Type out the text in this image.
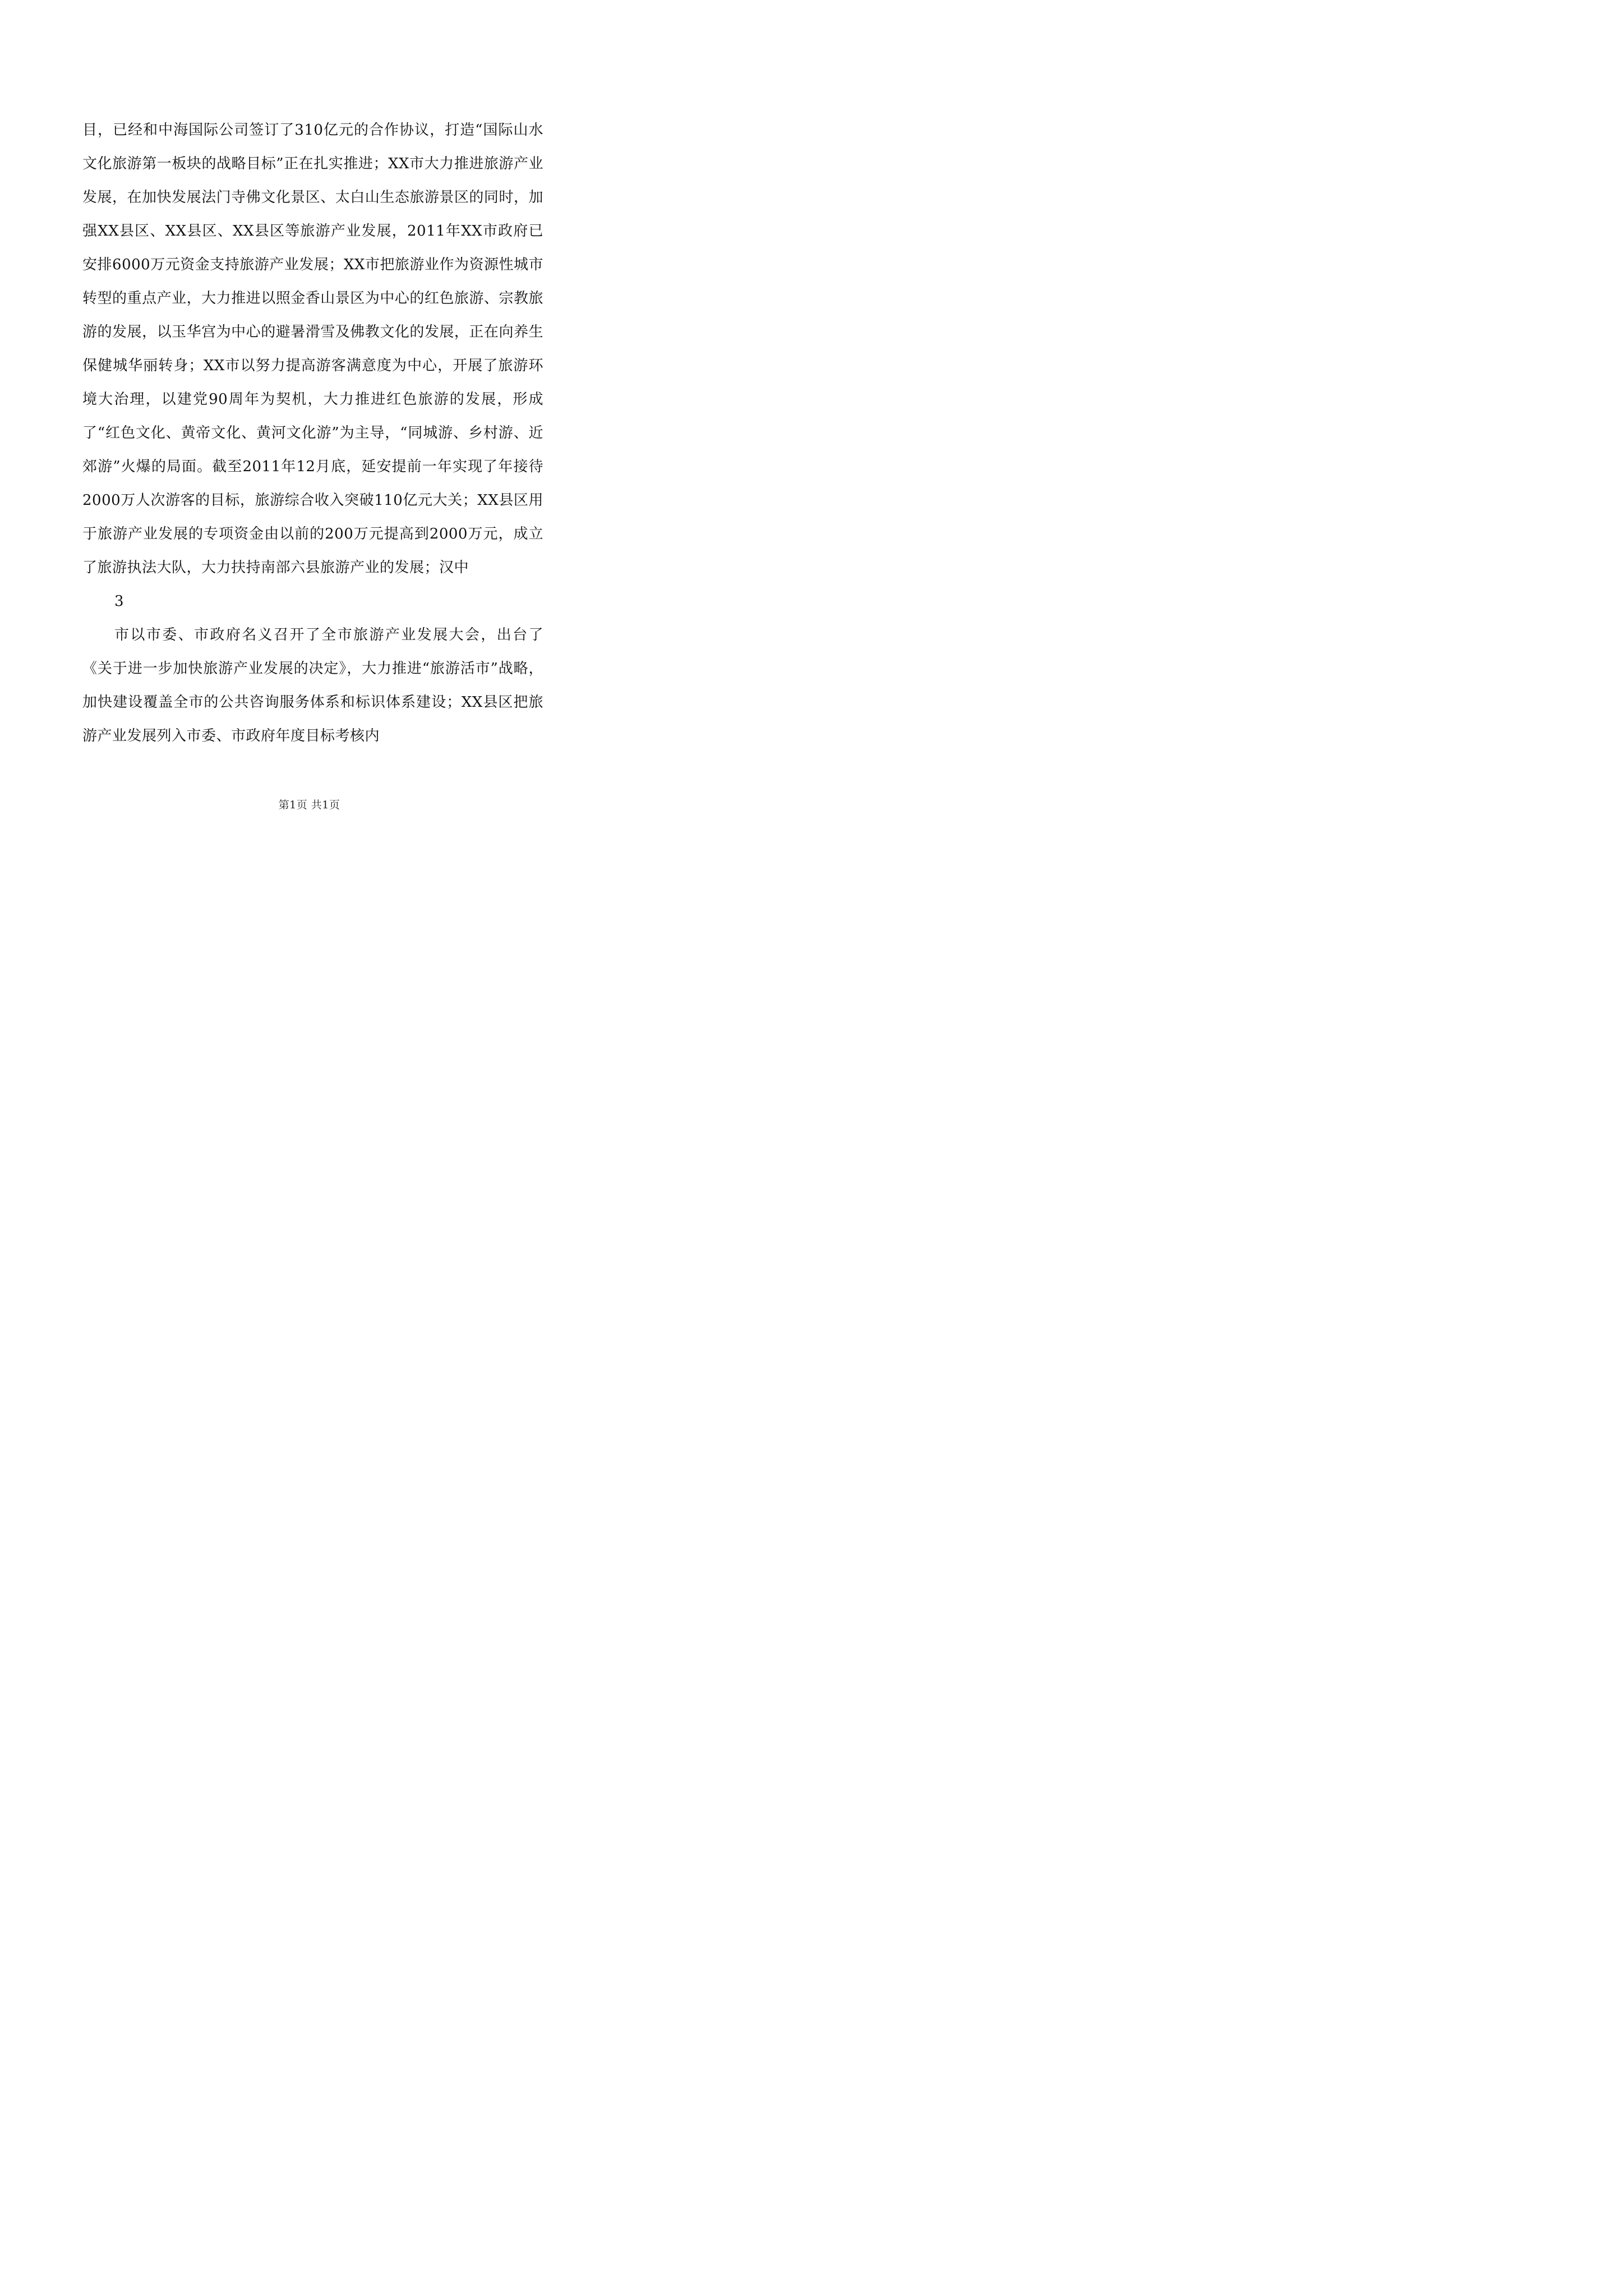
目，已经和中海国际公司签订了310亿元的合作协议，打造“国际山水文化旅游第一板块的战略目标”正在扎实推进；XX市大力推进旅游产业发展，在加快发展法门寺佛文化景区、太白山生态旅游景区的同时，加强XX县区、XX县区、XX县区等旅游产业发展，2011年XX市政府已安排6000万元资金支持旅游产业发展；XX市把旅游业作为资源性城市转型的重点产业，大力推进以照金香山景区为中心的红色旅游、宗教旅游的发展，以玉华宫为中心的避暑滑雪及佛教文化的发展，正在向养生保健城华丽转身；XX市以努力提高游客满意度为中心，开展了旅游环境大治理，以建党90周年为契机，大力推进红色旅游的发展，形成了“红色文化、黄帝文化、黄河文化游”为主导，“同城游、乡村游、近郊游”火爆的局面。截至2011年12月底，延安提前一年实现了年接待2000万人次游客的目标，旅游综合收入突破110亿元大关；XX县区用于旅游产业发展的专项资金由以前的200万元提高到2000万元，成立了旅游执法大队，大力扶持南部六县旅游产业的发展；汉中

3

市以市委、市政府名义召开了全市旅游产业发展大会，出台了《关于进一步加快旅游产业发展的决定》，大力推进“旅游活市”战略，加快建设覆盖全市的公共咨询服务体系和标识体系建设；XX县区把旅游产业发展列入市委、市政府年度目标考核内

第1页 共1页
